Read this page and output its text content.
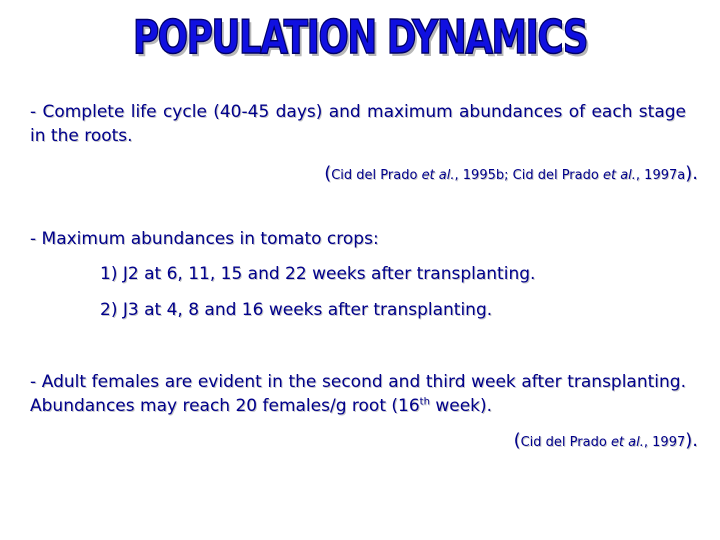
POPULATION DYNAMICS
- Complete life cycle (40-45 days) and maximum abundances of each stage in the roots.
(Cid del Prado et al., 1995b; Cid del Prado et al., 1997a).
- Maximum abundances in tomato crops:
1) J2 at 6, 11, 15 and 22 weeks after transplanting.
2) J3 at 4, 8 and 16 weeks after transplanting.
- Adult females are evident in the second and third week after transplanting. Abundances may reach 20 females/g root (16th week).
(Cid del Prado et al., 1997).
